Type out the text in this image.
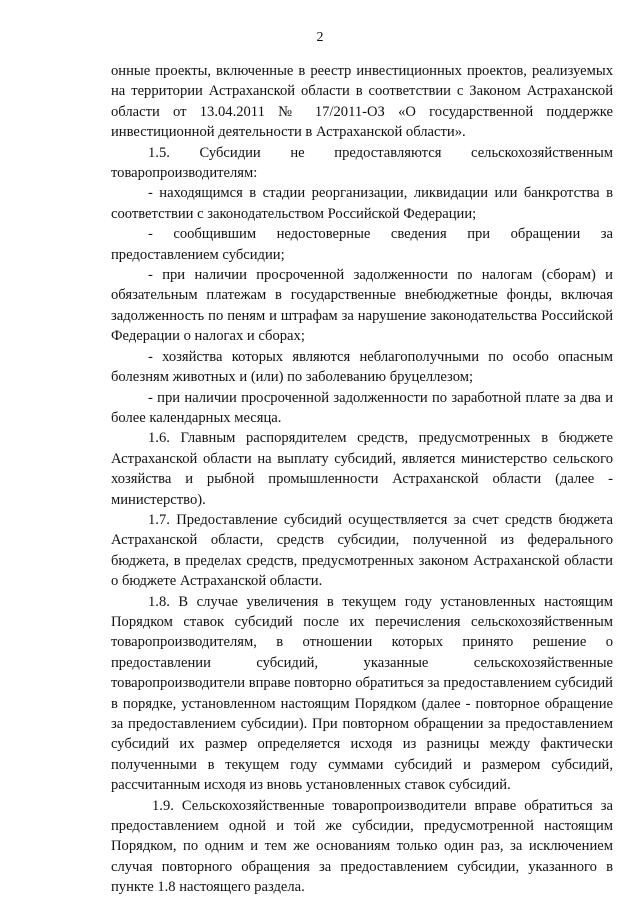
2

онные проекты, включенные в реестр инвестиционных проектов, реализуемых на территории Астраханской области в соответствии с Законом Астраханской области от 13.04.2011 № 17/2011-ОЗ «О государственной поддержке инвестиционной деятельности в Астраханской области».

1.5. Субсидии не предоставляются сельскохозяйственным товаропроизводителям:

- находящимся в стадии реорганизации, ликвидации или банкротства в соответствии с законодательством Российской Федерации;

- сообщившим недостоверные сведения при обращении за предоставлением субсидии;

- при наличии просроченной задолженности по налогам (сборам) и обязательным платежам в государственные внебюджетные фонды, включая задолженность по пеням и штрафам за нарушение законодательства Российской Федерации о налогах и сборах;

- хозяйства которых являются неблагополучными по особо опасным болезням животных и (или) по заболеванию бруцеллезом;

- при наличии просроченной задолженности по заработной плате за два и более календарных месяца.

1.6. Главным распорядителем средств, предусмотренных в бюджете Астраханской области на выплату субсидий, является министерство сельского хозяйства и рыбной промышленности Астраханской области (далее - министерство).

1.7. Предоставление субсидий осуществляется за счет средств бюджета Астраханской области, средств субсидии, полученной из федерального бюджета, в пределах средств, предусмотренных законом Астраханской области о бюджете Астраханской области.

1.8. В случае увеличения в текущем году установленных настоящим Порядком ставок субсидий после их перечисления сельскохозяйственным товаропроизводителям, в отношении которых принято решение о предоставлении субсидий, указанные сельскохозяйственные товаропроизводители вправе повторно обратиться за предоставлением субсидий в порядке, установленном настоящим Порядком (далее - повторное обращение за предоставлением субсидии). При повторном обращении за предоставлением субсидий их размер определяется исходя из разницы между фактически полученными в текущем году суммами субсидий и размером субсидий, рассчитанным исходя из вновь установленных ставок субсидий.

1.9. Сельскохозяйственные товаропроизводители вправе обратиться за предоставлением одной и той же субсидии, предусмотренной настоящим Порядком, по одним и тем же основаниям только один раз, за исключением случая повторного обращения за предоставлением субсидии, указанного в пункте 1.8 настоящего раздела.
